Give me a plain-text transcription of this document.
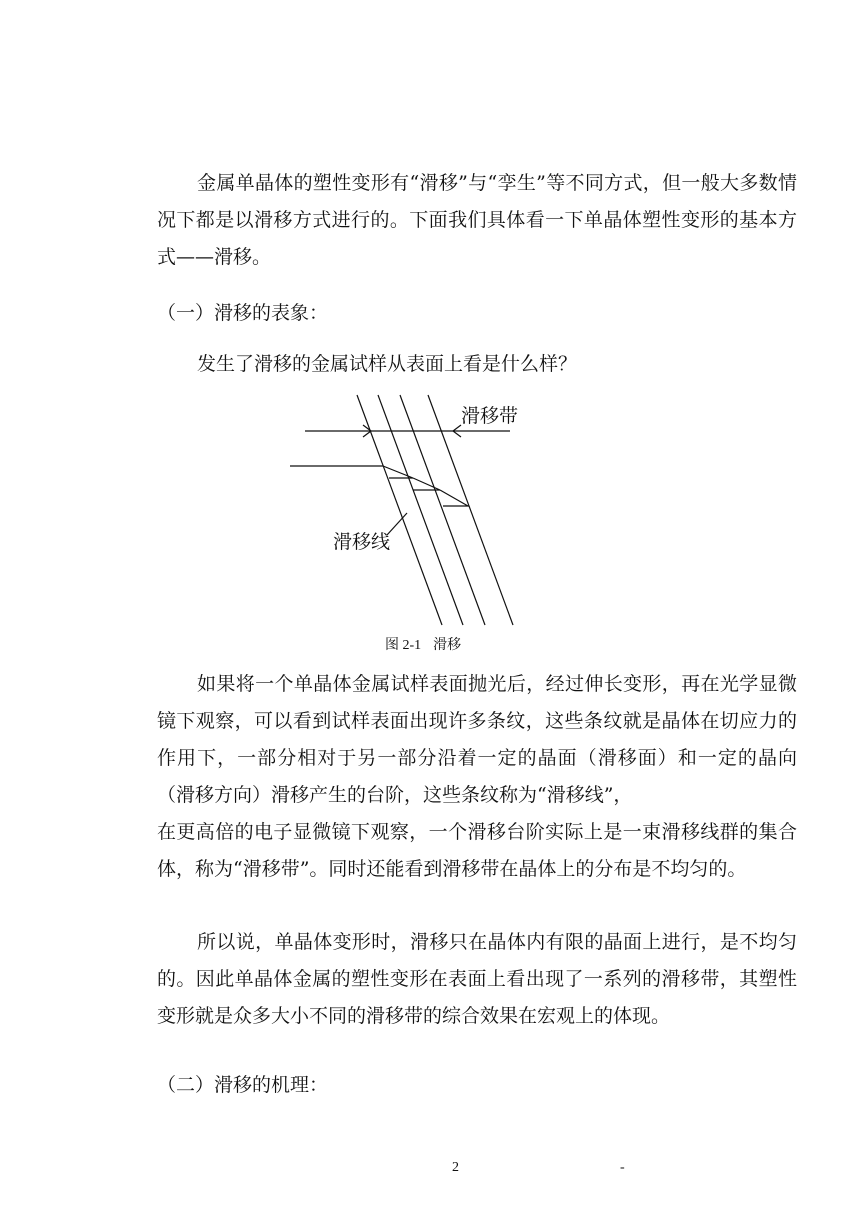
金属单晶体的塑性变形有“滑移”与“孪生”等不同方式，但一般大多数情况下都是以滑移方式进行的。下面我们具体看一下单晶体塑性变形的基本方式——滑移。

（一）滑移的表象：

发生了滑移的金属试样从表面上看是什么样？

滑移带
滑移线
图 2-1 滑移

如果将一个单晶体金属试样表面抛光后，经过伸长变形，再在光学显微镜下观察，可以看到试样表面出现许多条纹，这些条纹就是晶体在切应力的作用下，一部分相对于另一部分沿着一定的晶面（滑移面）和一定的晶向（滑移方向）滑移产生的台阶，这些条纹称为“滑移线”，

在更高倍的电子显微镜下观察，一个滑移台阶实际上是一束滑移线群的集合体，称为“滑移带”。同时还能看到滑移带在晶体上的分布是不均匀的。

所以说，单晶体变形时，滑移只在晶体内有限的晶面上进行，是不均匀的。因此单晶体金属的塑性变形在表面上看出现了一系列的滑移带，其塑性变形就是众多大小不同的滑移带的综合效果在宏观上的体现。

（二）滑移的机理：

2	-
